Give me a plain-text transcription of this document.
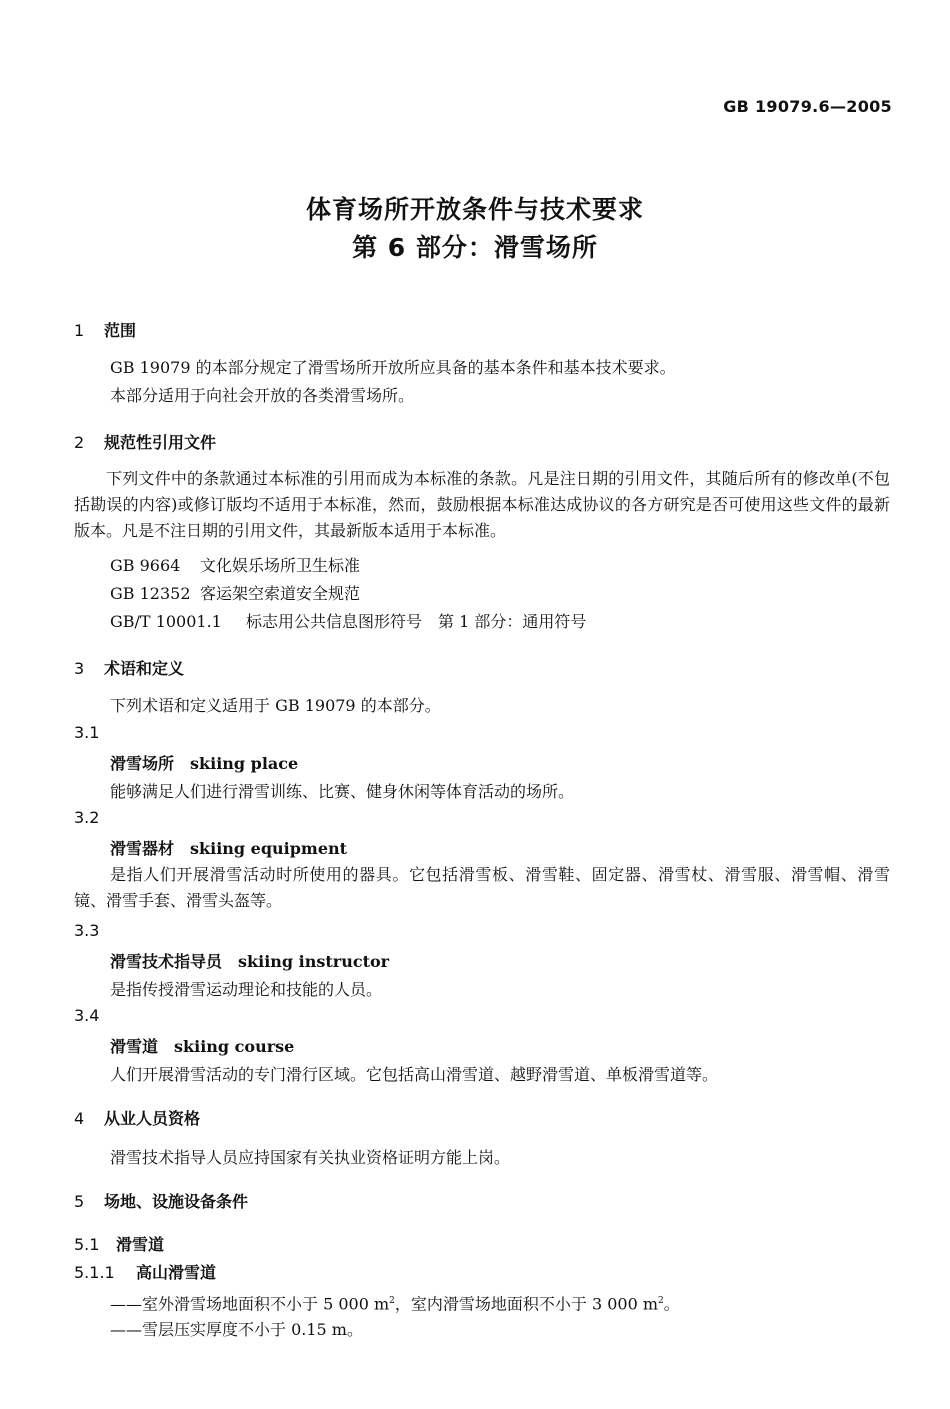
GB 19079.6—2005
体育场所开放条件与技术要求
第 6 部分：滑雪场所
1 范围
GB 19079 的本部分规定了滑雪场所开放所应具备的基本条件和基本技术要求。
本部分适用于向社会开放的各类滑雪场所。
2 规范性引用文件
下列文件中的条款通过本标准的引用而成为本标准的条款。凡是注日期的引用文件，其随后所有的修改单(不包括勘误的内容)或修订版均不适用于本标准，然而，鼓励根据本标准达成协议的各方研究是否可使用这些文件的最新版本。凡是不注日期的引用文件，其最新版本适用于本标准。
GB 9664 文化娱乐场所卫生标准
GB 12352 客运架空索道安全规范
GB/T 10001.1 标志用公共信息图形符号　第 1 部分：通用符号
3 术语和定义
下列术语和定义适用于 GB 19079 的本部分。
3.1
滑雪场所 skiing place
能够满足人们进行滑雪训练、比赛、健身休闲等体育活动的场所。
3.2
滑雪器材 skiing equipment
是指人们开展滑雪活动时所使用的器具。它包括滑雪板、滑雪鞋、固定器、滑雪杖、滑雪服、滑雪帽、滑雪镜、滑雪手套、滑雪头盔等。
3.3
滑雪技术指导员 skiing instructor
是指传授滑雪运动理论和技能的人员。
3.4
滑雪道 skiing course
人们开展滑雪活动的专门滑行区域。它包括高山滑雪道、越野滑雪道、单板滑雪道等。
4 从业人员资格
滑雪技术指导人员应持国家有关执业资格证明方能上岗。
5 场地、设施设备条件
5.1 滑雪道
5.1.1 高山滑雪道
——室外滑雪场地面积不小于 5 000 $m^2$，室内滑雪场地面积不小于 3 000 $m^2$。
——雪层压实厚度不小于 0.15 m。
